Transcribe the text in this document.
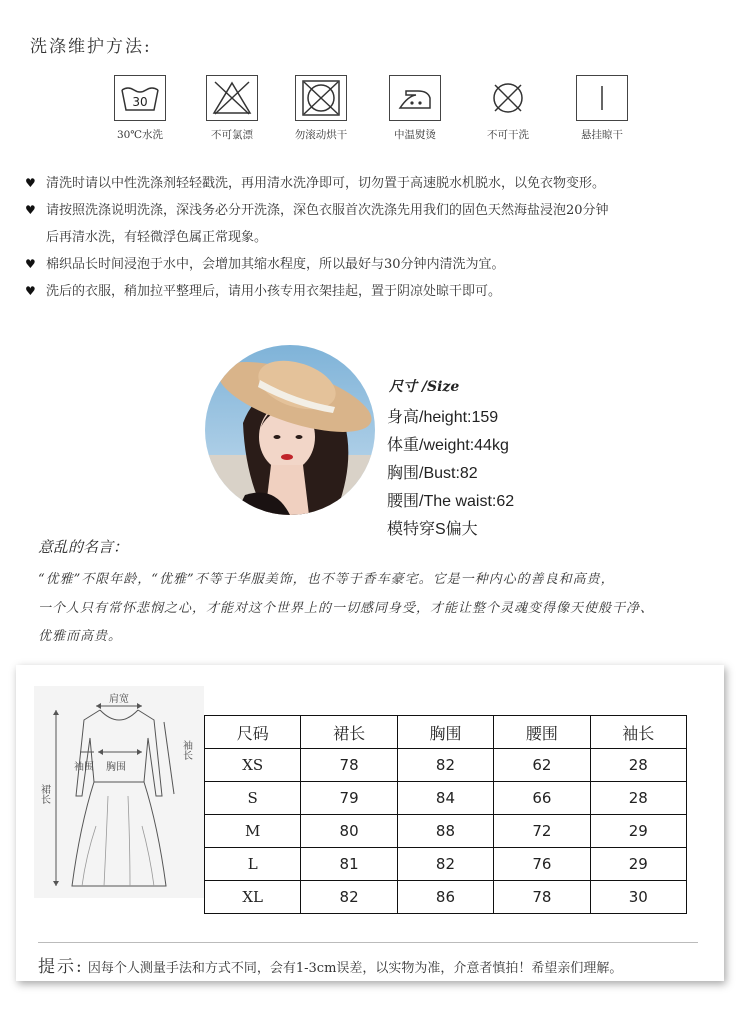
洗涤维护方法:
30
30℃水洗	不可氯漂	勿滚动烘干	中温熨烫	不可干洗	悬挂晾干
♥ 清洗时请以中性洗涤剂轻轻戳洗，再用清水洗净即可，切勿置于高速脱水机脱水，以免衣物变形。
♥ 请按照洗涤说明洗涤，深浅务必分开洗涤，深色衣服首次洗涤先用我们的固色天然海盐浸泡20分钟
后再清水洗，有轻微浮色属正常现象。
♥ 棉织品长时间浸泡于水中，会增加其缩水程度，所以最好与30分钟内清洗为宜。
♥ 洗后的衣服，稍加拉平整理后，请用小孩专用衣架挂起，置于阴凉处晾干即可。
尺寸 /Size
身高/height:159
体重/weight:44kg
胸围/Bust:82
腰围/The waist:62
模特穿S偏大
意乱的名言：
“优雅”不限年龄，“优雅”不等于华服美饰，也不等于香车豪宅。它是一种内心的善良和高贵，
一个人只有常怀悲悯之心，才能对这个世界上的一切感同身受，才能让整个灵魂变得像天使般干净、
优雅而高贵。
肩宽
袖围 胸围
袖长
裙长
尺码	裙长	胸围	腰围	袖长
XS	78	82	62	28
S	79	84	66	28
M	80	88	72	29
L	81	82	76	29
XL	82	86	78	30
提示: 因每个人测量手法和方式不同，会有1-3cm误差，以实物为准，介意者慎拍！希望亲们理解。
